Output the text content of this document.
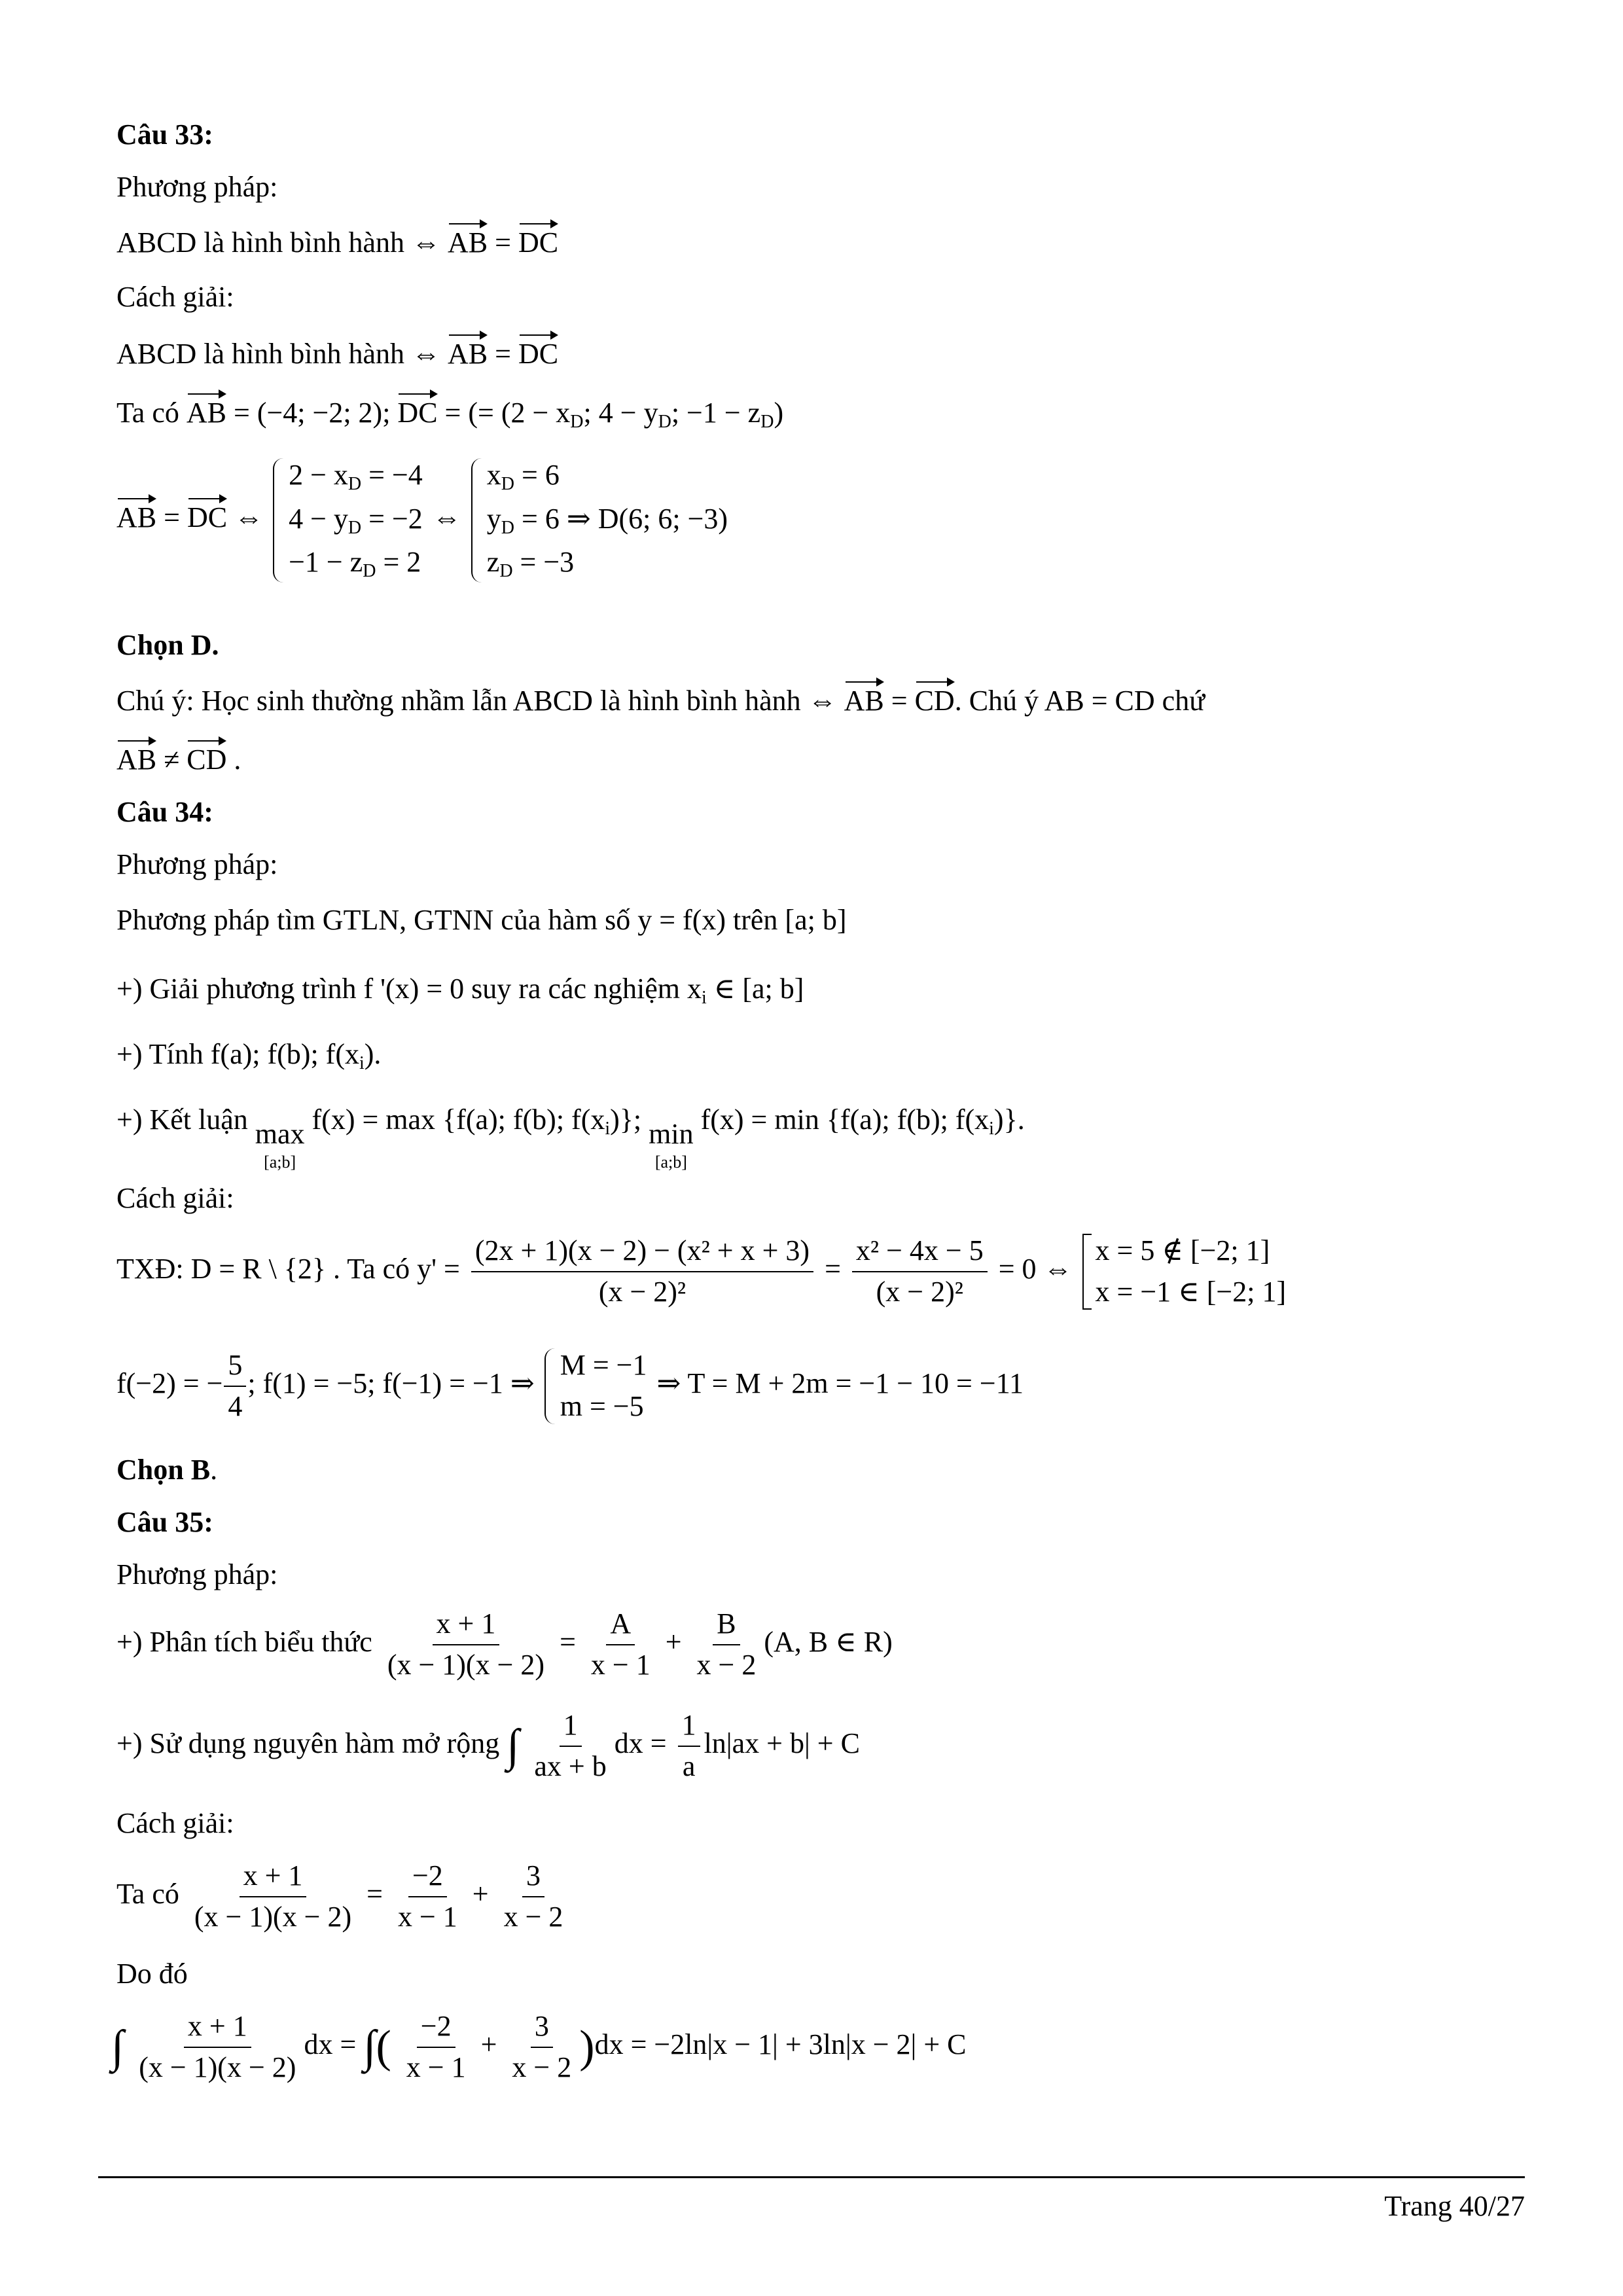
Câu 33:
Phương pháp:
ABCD là hình bình hành ⇔ AB = DC
Cách giải:
ABCD là hình bình hành ⇔ AB = DC
Ta có AB = (−4; −2; 2); DC = (= ($2 - x_D$; $4 - y_D$; $-1 - z_D$)
AB = DC ⇔
$2 - x_D = -4$
$4 - y_D = -2$
$-1 - z_D = 2$
⇔
$x_D = 6$
$y_D = 6$ ⇒ D(6; 6; −3)
$z_D = -3$
Chọn D.
Chú ý: Học sinh thường nhầm lẫn ABCD là hình bình hành ⇔ AB = CD. Chú ý AB = CD chứ
AB ≠ CD .
Câu 34:
Phương pháp:
Phương pháp tìm GTLN, GTNN của hàm số y = f(x) trên [a; b]
+) Giải phương trình f '(x) = 0 suy ra các nghiệm $x_i$ ∈ [a; b]
+) Tính f(a); f(b); $f(x_i)$.
+) Kết luận max
[a;b]
f(x) = max {f(a); f(b); $f(x_i)$}; min
[a;b]
f(x) = min {f(a); f(b); $f(x_i)$}.
Cách giải:
TXĐ: D = R \ {2} . Ta có $y' = \frac{\text{(2x + 1)(x − 2) − (x² + x + 3)}}{\text{(x − 2)²}} = \frac{\text{x² − 4x − 5}}{\text{(x − 2)²}} = 0$ ⇔
x = 5 ∉ [−2; 1]
x = −1 ∈ [−2; 1]
f(−2) = − $\frac{5}{4}$ ; f(1) = −5; f(−1) = −1 ⇒
M = −1
m = −5
⇒ T = M + 2m = −1 − 10 = −11
Chọn B.
Câu 35:
Phương pháp:
+) Phân tích biểu thức $\frac{x + 1}{(x - 1)(x - 2)} = \frac{A}{x - 1} + \frac{B}{x - 2} (A$, B ∈ R)
+) Sử dụng nguyên hàm mở rộng ∫ $\frac{1}{ax + b}$ dx = $\frac{1}{a} \ln|ax + b| + C$
Cách giải:
Ta có $\frac{x + 1}{(x - 1)(x - 2)} = \frac{-2}{x - 1} + \frac{3}{x - 2}$
Do đó
∫ $\frac{x + 1}{(x - 1)(x - 2)}$ dx = ∫( $\frac{-2}{x - 1} + \frac{3}{x - 2} )dx = -2\ln|x - 1| + 3\ln|x - 2| + C$
Trang 40/27
